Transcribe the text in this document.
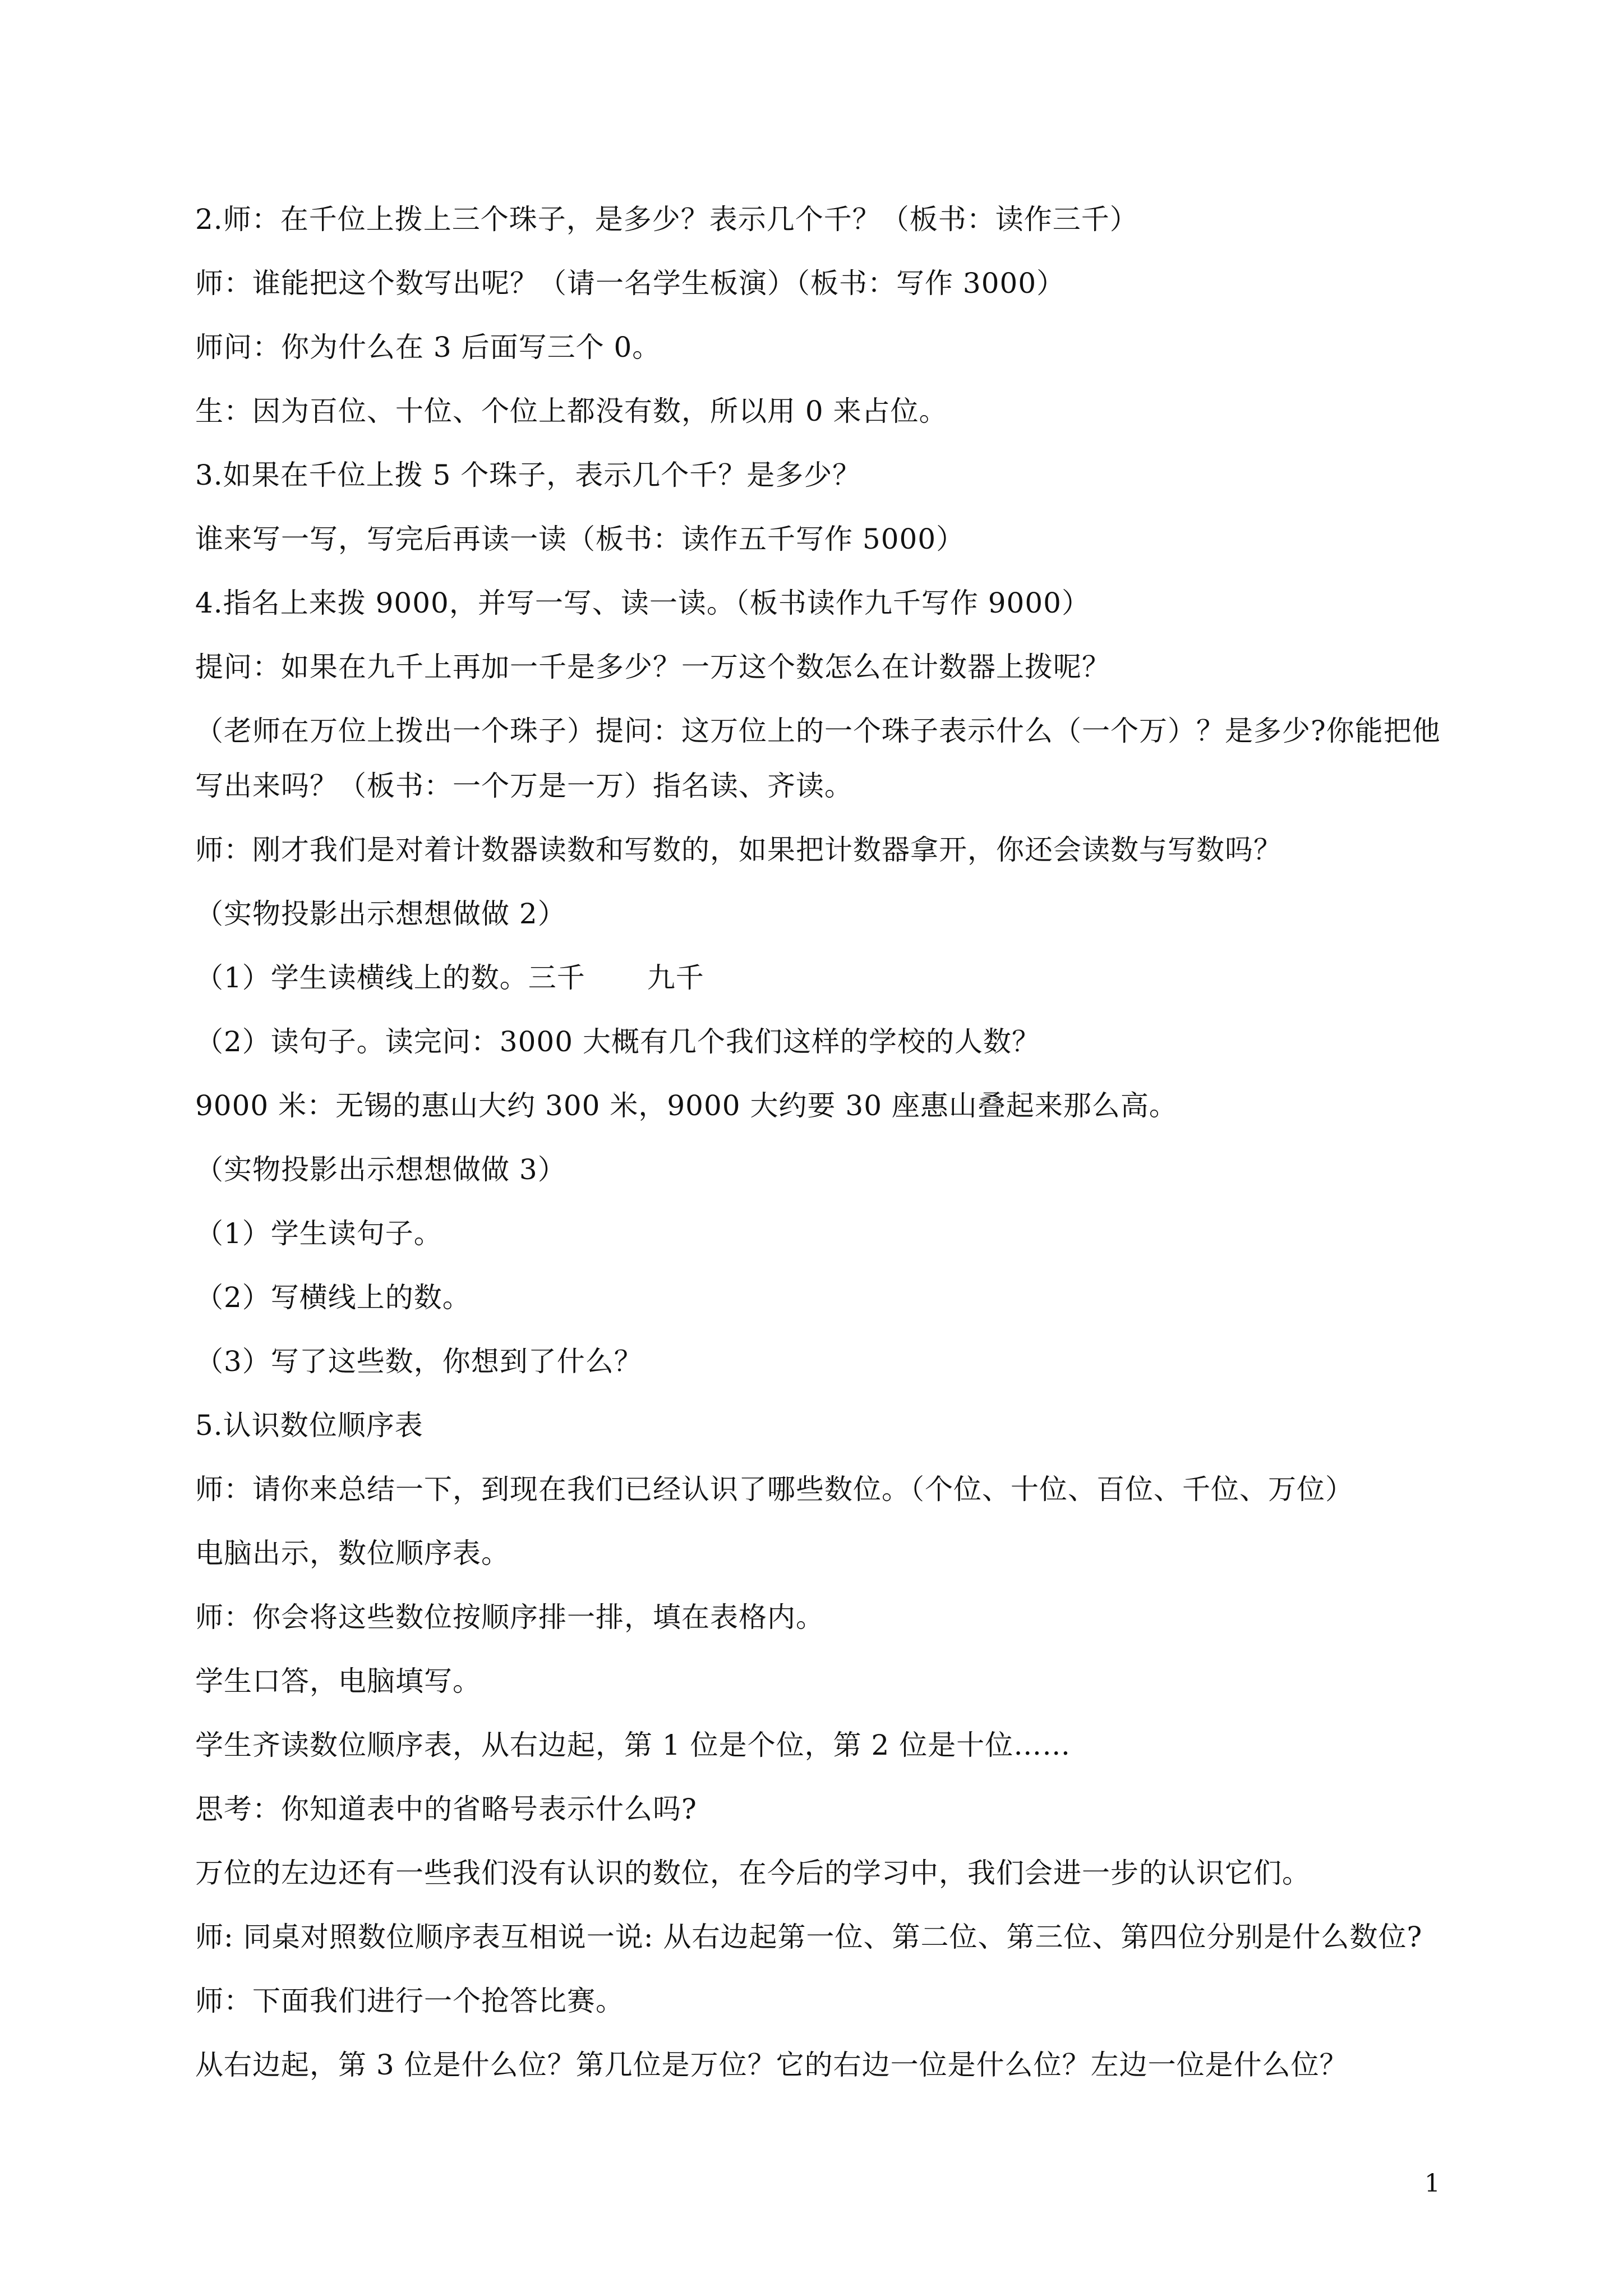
2.师：在千位上拨上三个珠子，是多少？表示几个千？（板书：读作三千）
师：谁能把这个数写出呢？（请一名学生板演）（板书：写作 3000）
师问：你为什么在 3 后面写三个 0。
生：因为百位、十位、个位上都没有数，所以用 0 来占位。
3.如果在千位上拨 5 个珠子，表示几个千？是多少？
谁来写一写，写完后再读一读（板书：读作五千写作 5000）
4.指名上来拨 9000，并写一写、读一读。（板书读作九千写作 9000）
提问：如果在九千上再加一千是多少？一万这个数怎么在计数器上拨呢？
（老师在万位上拨出一个珠子）提问：这万位上的一个珠子表示什么（一个万）？是多少?你能把他
写出来吗？（板书：一个万是一万）指名读、齐读。
师：刚才我们是对着计数器读数和写数的，如果把计数器拿开，你还会读数与写数吗？
（实物投影出示想想做做 2）
（1）学生读横线上的数。三千 九千
（2）读句子。读完问：3000 大概有几个我们这样的学校的人数？
9000 米：无锡的惠山大约 300 米，9000 大约要 30 座惠山叠起来那么高。
（实物投影出示想想做做 3）
（1）学生读句子。
（2）写横线上的数。
（3）写了这些数，你想到了什么？
5.认识数位顺序表
师：请你来总结一下，到现在我们已经认识了哪些数位。（个位、十位、百位、千位、万位）
电脑出示，数位顺序表。
师：你会将这些数位按顺序排一排，填在表格内。
学生口答，电脑填写。
学生齐读数位顺序表，从右边起，第 1 位是个位，第 2 位是十位……
思考：你知道表中的省略号表示什么吗?
万位的左边还有一些我们没有认识的数位，在今后的学习中，我们会进一步的认识它们。
师: 同桌对照数位顺序表互相说一说: 从右边起第一位、第二位、第三位、第四位分别是什么数位?
师：下面我们进行一个抢答比赛。
从右边起，第 3 位是什么位？第几位是万位？它的右边一位是什么位？左边一位是什么位？
1
